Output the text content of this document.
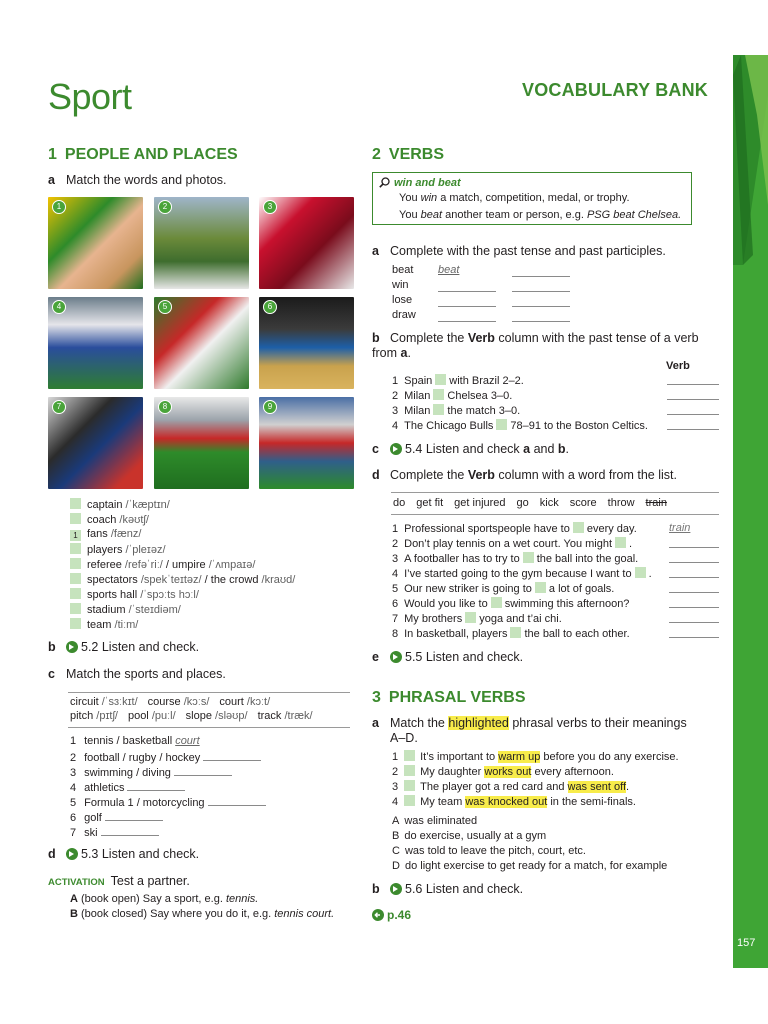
Sport	VOCABULARY BANK
157
1 PEOPLE AND PLACES
a Match the words and photos.
1	2	3
4	5	6
7	8	9
captain /ˈkæptɪn/
coach /kəʊtʃ/
1 fans /fænz/
players /ˈpleɪəz/
referee /refəˈriː/ / umpire /ˈʌmpaɪə/
spectators /spekˈteɪtəz/ / the crowd /kraʊd/
sports hall /ˈspɔːts hɔːl/
stadium /ˈsteɪdiəm/
team /tiːm/
b 5.2 Listen and check.
c Match the sports and places.
circuit /ˈsɜːkɪt/ course /kɔːs/ court /kɔːt/
pitch /pɪtʃ/ pool /puːl/ slope /sləʊp/ track /træk/
1 tennis / basketball court
2 football / rugby / hockey
3 swimming / diving
4 athletics
5 Formula 1 / motorcycling
6 golf
7 ski
d 5.3 Listen and check.
ACTIVATION Test a partner.
A (book open) Say a sport, e.g. tennis.
B (book closed) Say where you do it, e.g. tennis court.
2 VERBS
win and beat
You win a match, competition, medal, or trophy.
You beat another team or person, e.g. PSG beat Chelsea.
a Complete with the past tense and past participles.
beat beat
win
lose
draw
b Complete the Verb column with the past tense of a verb from a.
Verb
1 Spain with Brazil 2–2.
2 Milan Chelsea 3–0.
3 Milan the match 3–0.
4 The Chicago Bulls 78–91 to the Boston Celtics.
c 5.4 Listen and check a and b.
d Complete the Verb column with a word from the list.
do get fit get injured go kick score throw train
1 Professional sportspeople have to every day.	train
2 Don’t play tennis on a wet court. You might .
3 A footballer has to try to the ball into the goal.
4 I’ve started going to the gym because I want to .
5 Our new striker is going to a lot of goals.
6 Would you like to swimming this afternoon?
7 My brothers yoga and t’ai chi.
8 In basketball, players the ball to each other.
e 5.5 Listen and check.
3 PHRASAL VERBS
a Match the highlighted phrasal verbs to their meanings
A–D.
1 It’s important to warm up before you do any exercise.
2 My daughter works out every afternoon.
3 The player got a red card and was sent off.
4 My team was knocked out in the semi-finals.
A was eliminated
B do exercise, usually at a gym
C was told to leave the pitch, court, etc.
D do light exercise to get ready for a match, for example
b 5.6 Listen and check.
p.46
